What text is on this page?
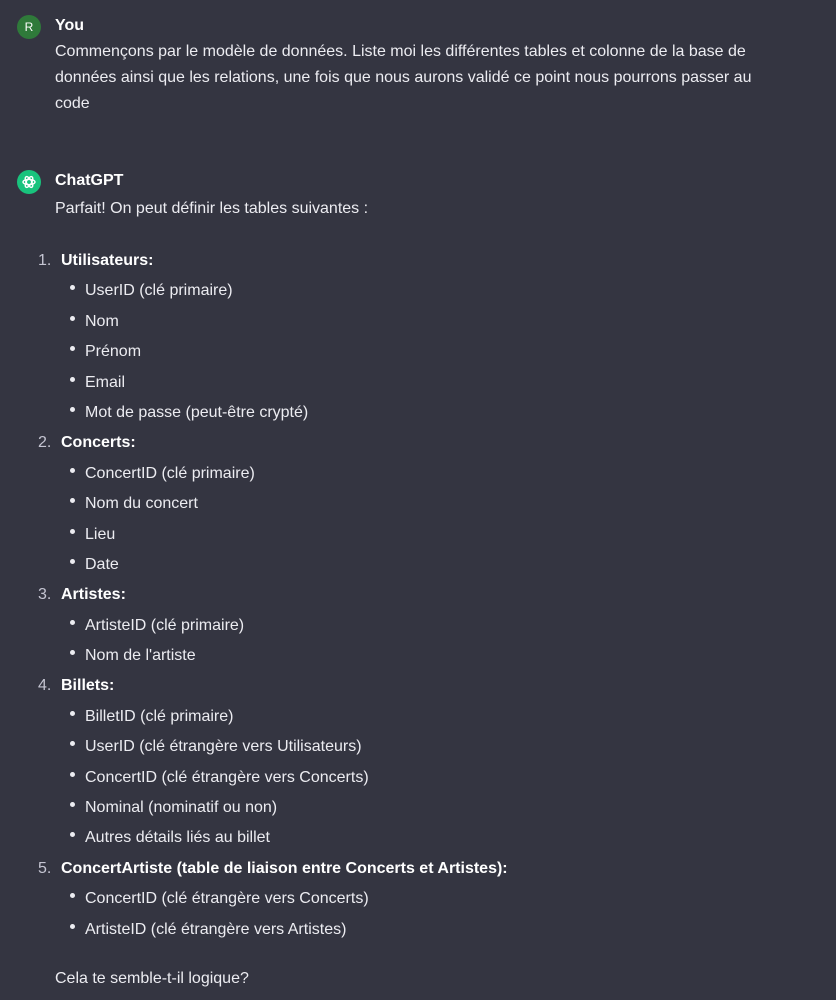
R You
Commençons par le modèle de données. Liste moi les différentes tables et colonne de la base de
données ainsi que les relations, une fois que nous aurons validé ce point nous pourrons passer au
code
ChatGPT
Parfait! On peut définir les tables suivantes :
1. Utilisateurs:
UserID (clé primaire)
Nom
Prénom
Email
Mot de passe (peut-être crypté)
2. Concerts:
ConcertID (clé primaire)
Nom du concert
Lieu
Date
3. Artistes:
ArtisteID (clé primaire)
Nom de l'artiste
4. Billets:
BilletID (clé primaire)
UserID (clé étrangère vers Utilisateurs)
ConcertID (clé étrangère vers Concerts)
Nominal (nominatif ou non)
Autres détails liés au billet
5. ConcertArtiste (table de liaison entre Concerts et Artistes):
ConcertID (clé étrangère vers Concerts)
ArtisteID (clé étrangère vers Artistes)
Cela te semble-t-il logique?
